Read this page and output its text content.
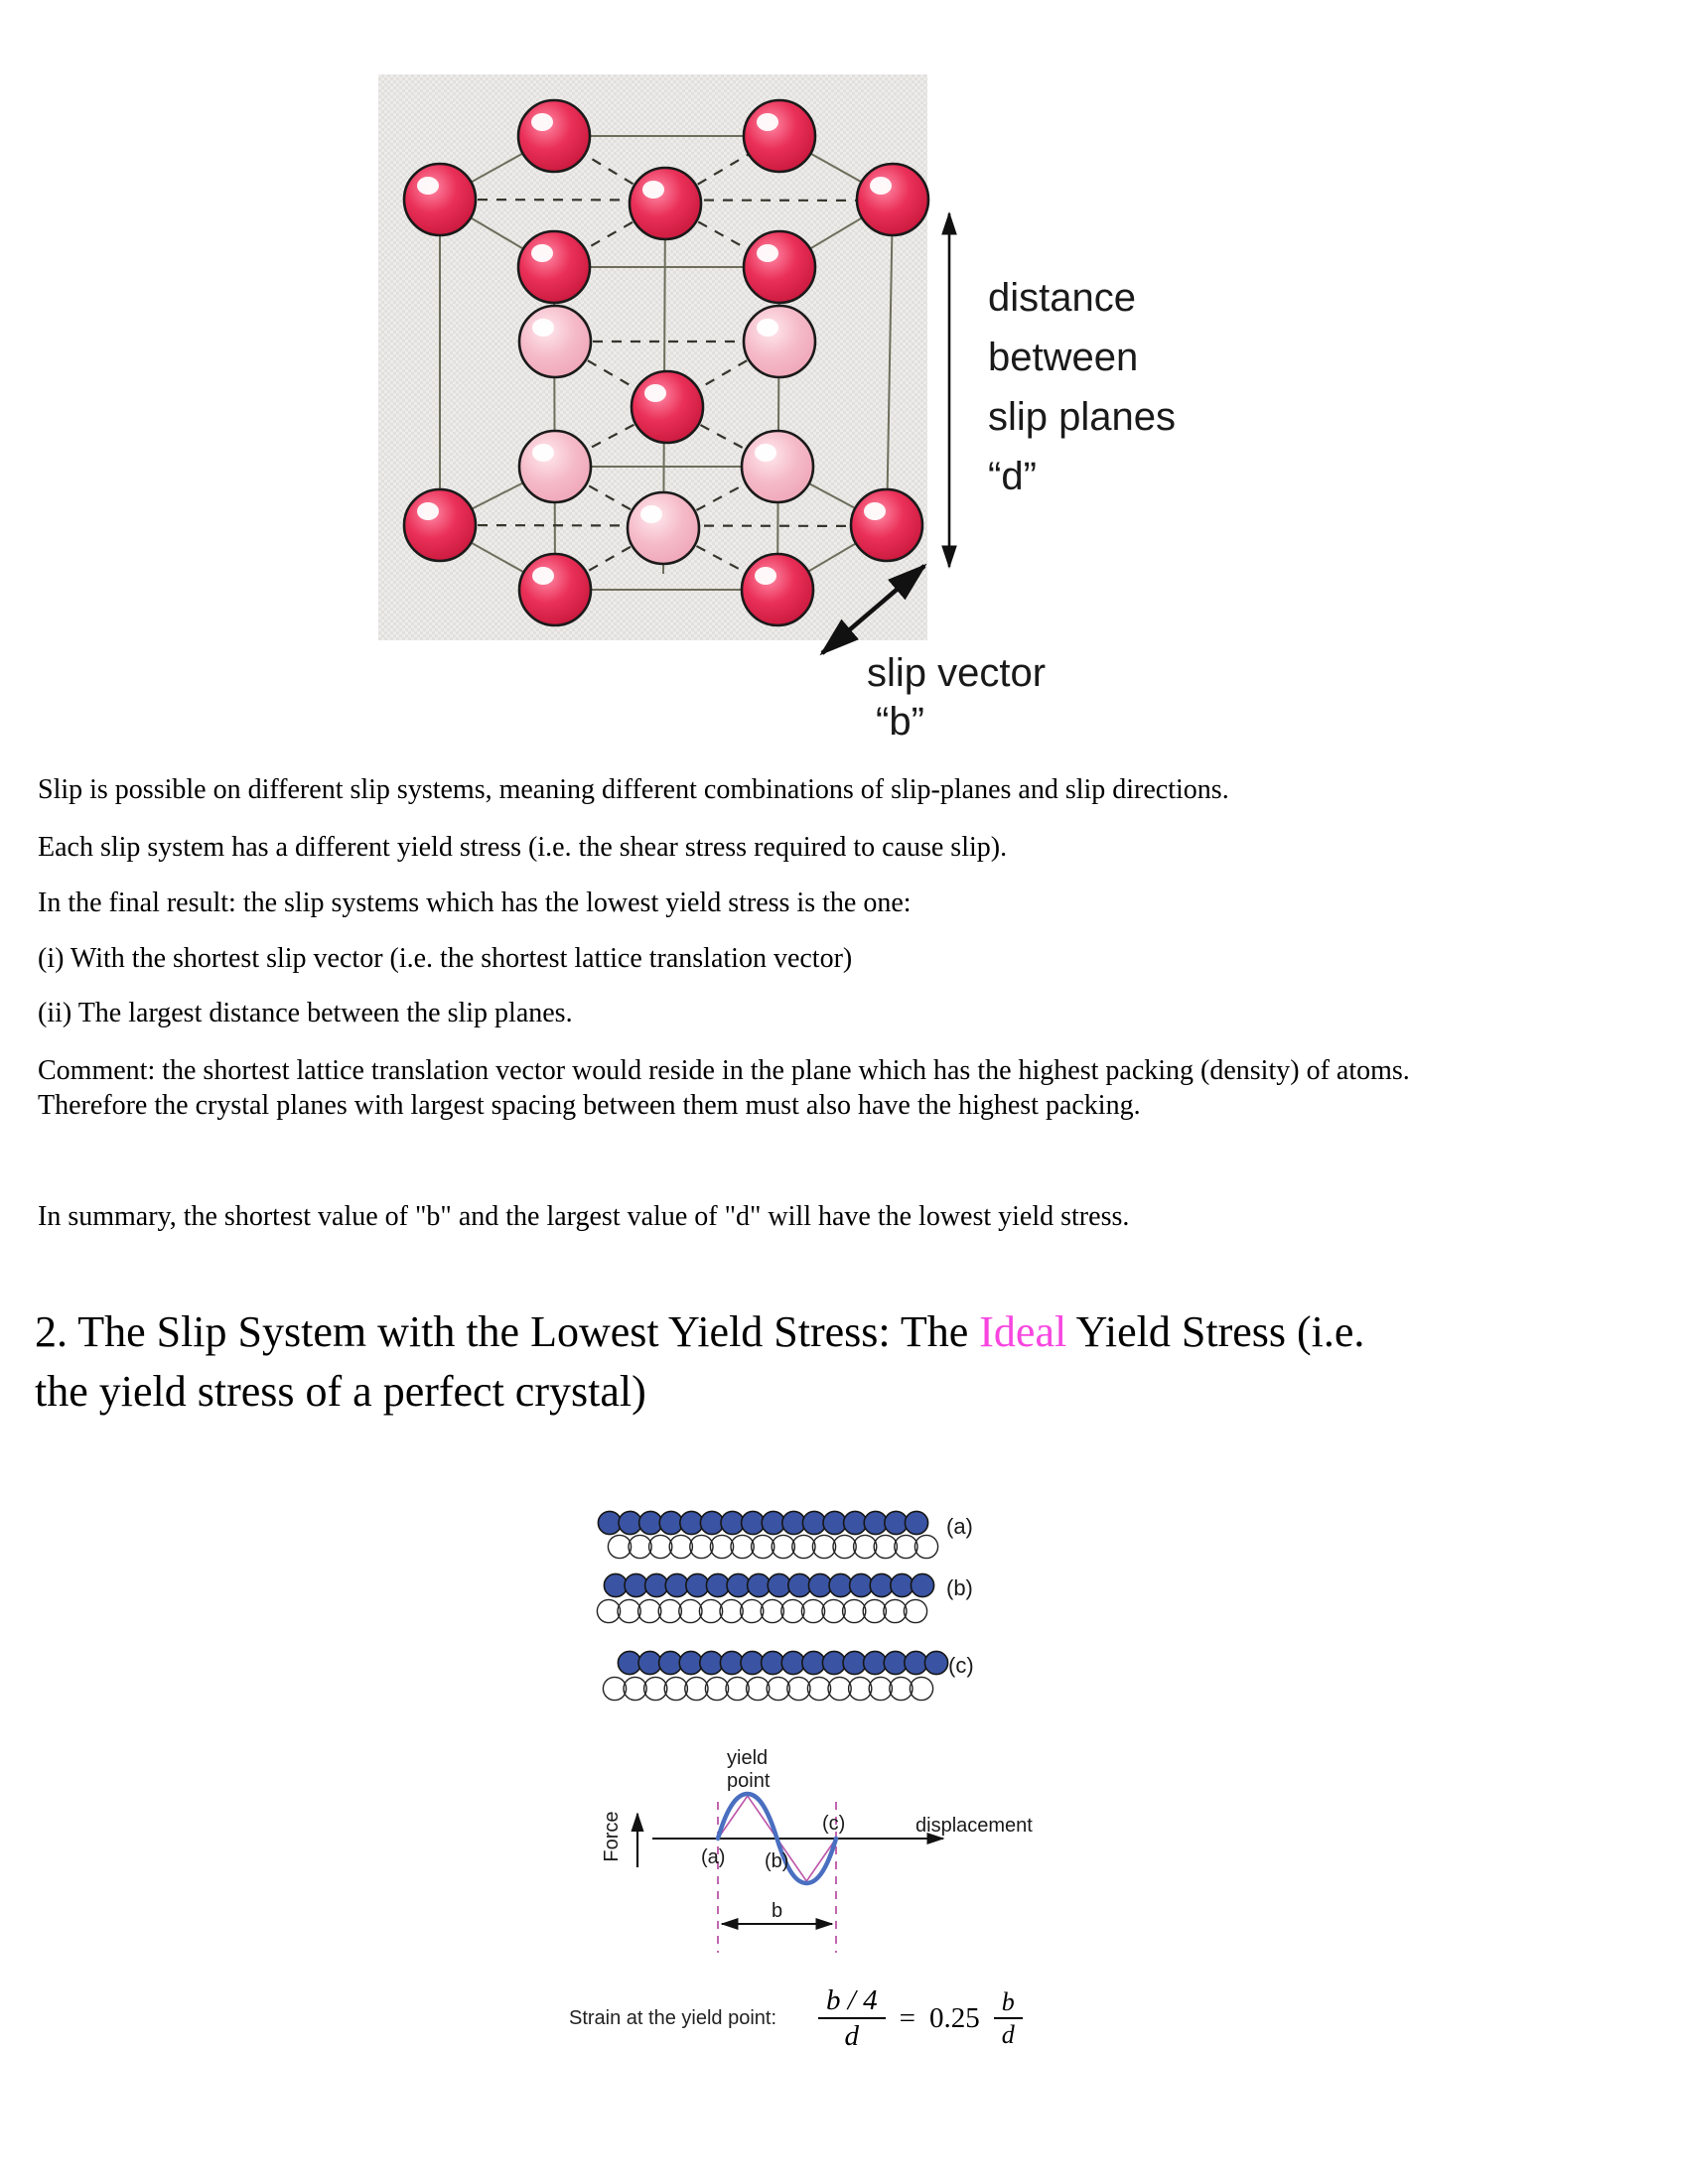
distance
between
slip planes
“d”
slip vector
“b”
(a)
(b)
(c)
yield
point
Force	displacement
(a) (b)
(c)
b
Slip is possible on different slip systems, meaning different combinations of slip-planes and slip directions.
Each slip system has a different yield stress (i.e. the shear stress required to cause slip).
In the final result: the slip systems which has the lowest yield stress is the one:
(i) With the shortest slip vector (i.e. the shortest lattice translation vector)
(ii) The largest distance between the slip planes.
Comment: the shortest lattice translation vector would reside in the plane which has the highest packing (density) of atoms.
Therefore the crystal planes with largest spacing between them must also have the highest packing.
In summary, the shortest value of "b" and the largest value of "d" will have the lowest yield stress.
2. The Slip System with the Lowest Yield Stress: The Ideal Yield Stress (i.e.
the yield stress of a perfect crystal)
Strain at the yield point: $\frac{b / 4}{d} = 0.25 \frac{b}{d}$
